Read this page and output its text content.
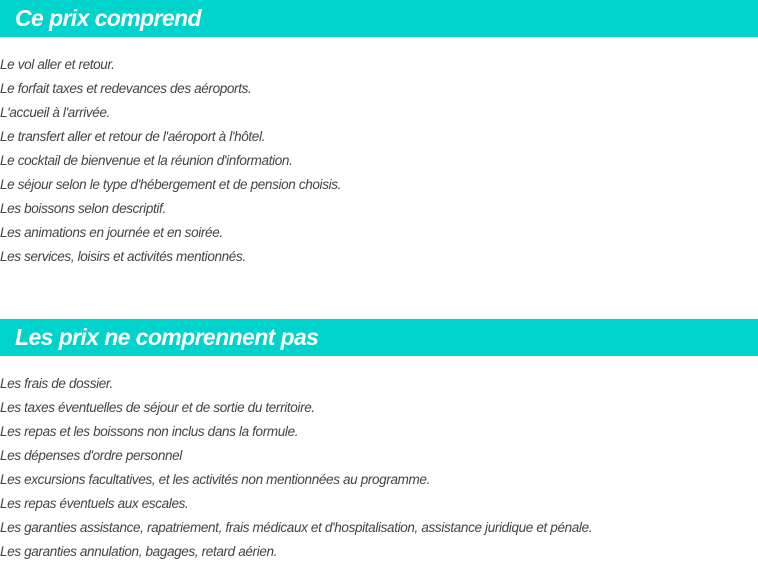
Ce prix comprend
Le vol aller et retour.
Le forfait taxes et redevances des aéroports.
L'accueil à l'arrivée.
Le transfert aller et retour de l'aéroport à l'hôtel.
Le cocktail de bienvenue et la réunion d'information.
Le séjour selon le type d'hébergement et de pension choisis.
Les boissons selon descriptif.
Les animations en journée et en soirée.
Les services, loisirs et activités mentionnés.
Les prix ne comprennent pas
Les frais de dossier.
Les taxes éventuelles de séjour et de sortie du territoire.
Les repas et les boissons non inclus dans la formule.
Les dépenses d'ordre personnel
Les excursions facultatives, et les activités non mentionnées au programme.
Les repas éventuels aux escales.
Les garanties assistance, rapatriement, frais médicaux et d'hospitalisation, assistance juridique et pénale.
Les garanties annulation, bagages, retard aérien.
